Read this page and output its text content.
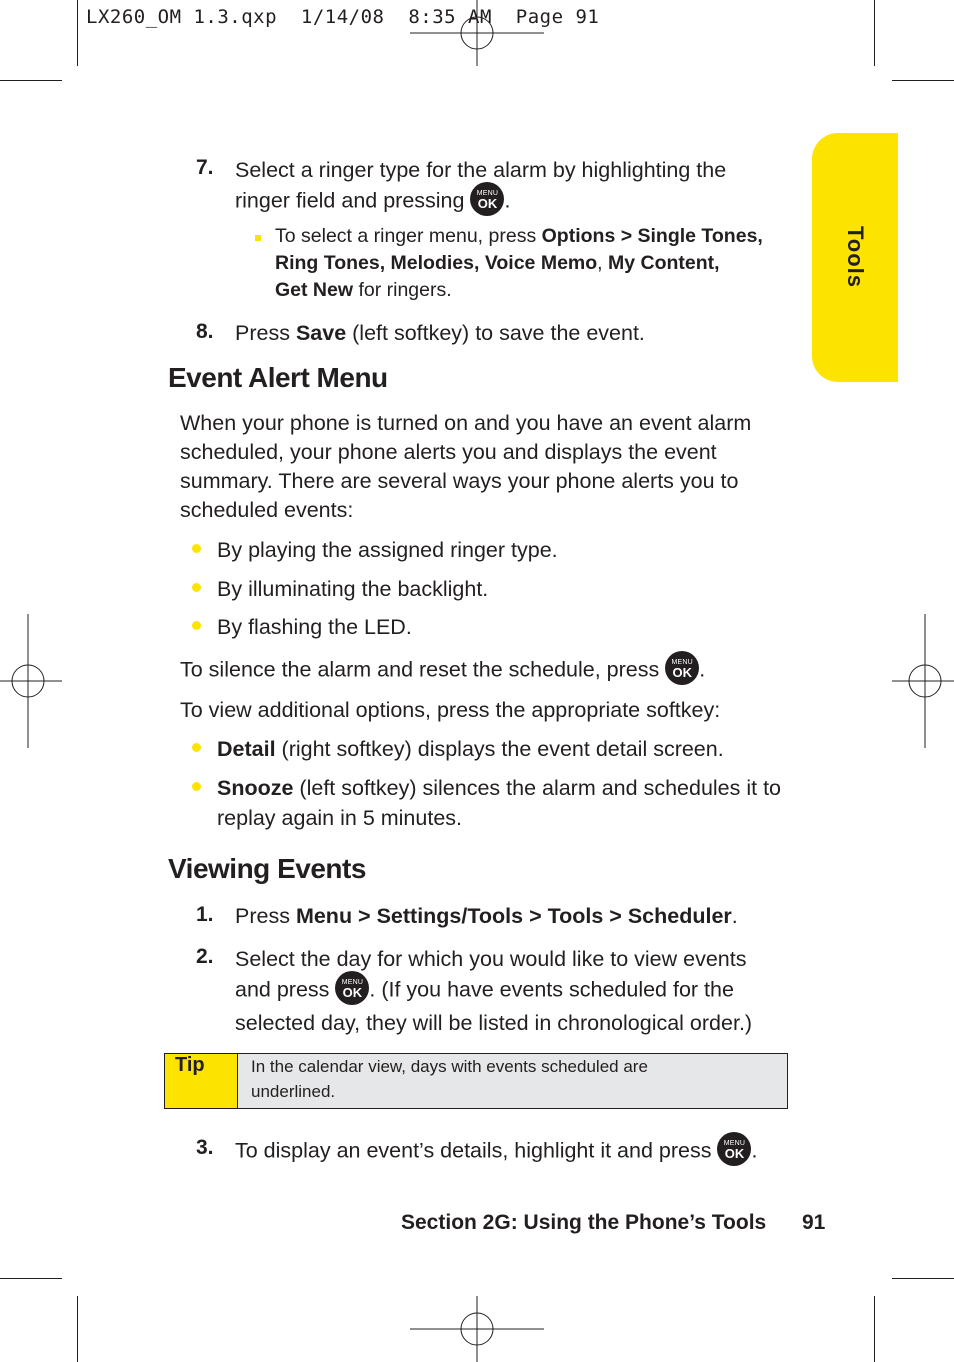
LX260_OM 1.3.qxp  1/14/08  8:35 AM  Page 91
Tools
7. Select a ringer type for the alarm by highlighting the
ringer field and pressing	MENU
OK .
To select a ringer menu, press Options > Single Tones,
Ring Tones, Melodies, Voice Memo, My Content,
Get New for ringers.
8. Press Save (left softkey) to save the event.
Event Alert Menu
When your phone is turned on and you have an event alarm
scheduled, your phone alerts you and displays the event
summary. There are several ways your phone alerts you to
scheduled events:
By playing the assigned ringer type.
By illuminating the backlight.
By flashing the LED.
To silence the alarm and reset the schedule, press	MENU
OK .
To view additional options, press the appropriate softkey:
Detail (right softkey) displays the event detail screen.
Snooze (left softkey) silences the alarm and schedules it to
replay again in 5 minutes.
Viewing Events
1. Press Menu > Settings/Tools > Tools > Scheduler.
2. Select the day for which you would like to view events
and press	MENU
OK . (If you have events scheduled for the
selected day, they will be listed in chronological order.)
Tip	In the calendar view, days with events scheduled are
underlined.
3. To display an event’s details, highlight it and press	MENU
OK .
Section 2G: Using the Phone’s Tools 91
